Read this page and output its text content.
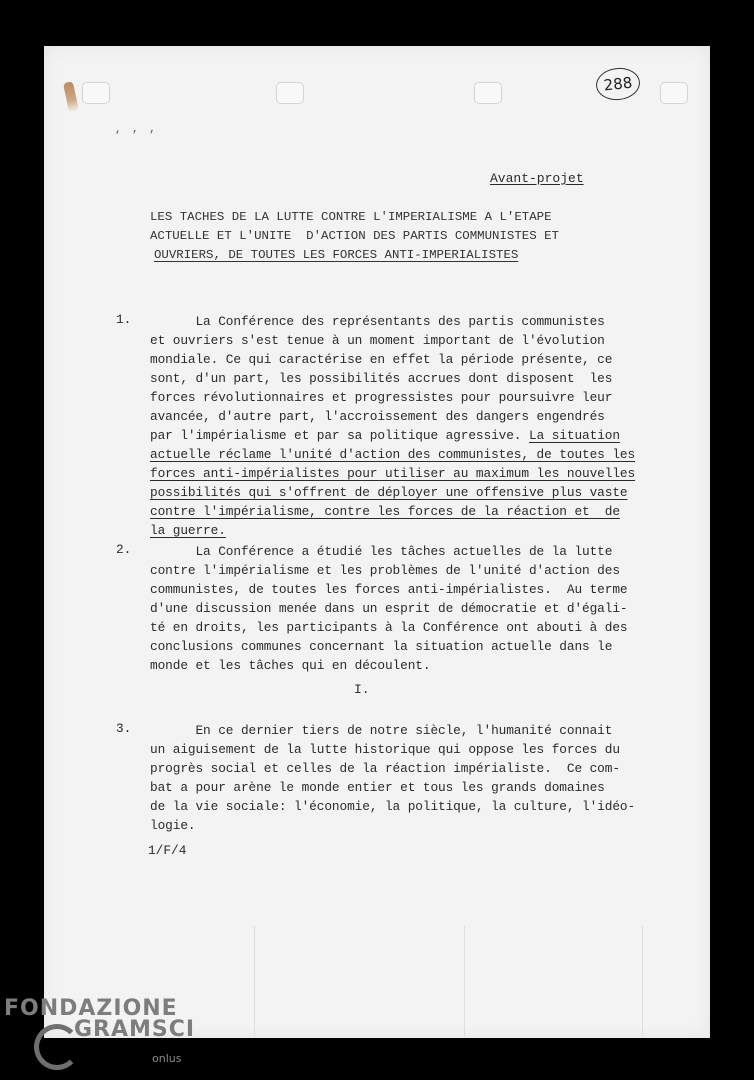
‘ ’ ’
288
Avant-projet
LES TACHES DE LA LUTTE CONTRE L'IMPERIALISME A L'ETAPE
ACTUELLE ET L'UNITE  D'ACTION DES PARTIS COMMUNISTES ET
OUVRIERS, DE TOUTES LES FORCES ANTI-IMPERIALISTES
1. La Conférence des représentants des partis communistes
et ouvriers s'est tenue à un moment important de l'évolution
mondiale. Ce qui caractérise en effet la période présente, ce
sont, d'un part, les possibilités accrues dont disposent  les
forces révolutionnaires et progressistes pour poursuivre leur
avancée, d'autre part, l'accroissement des dangers engendrés
par l'impérialisme et par sa politique agressive. La situation
actuelle réclame l'unité d'action des communistes, de toutes les
forces anti-impérialistes pour utiliser au maximum les nouvelles
possibilités qui s'offrent de déployer une offensive plus vaste
contre l'impérialisme, contre les forces de la réaction et  de
la guerre.
2. La Conférence a étudié les tâches actuelles de la lutte
contre l'impérialisme et les problèmes de l'unité d'action des
communistes, de toutes les forces anti-impérialistes.  Au terme
d'une discussion menée dans un esprit de démocratie et d'égali-
té en droits, les participants à la Conférence ont abouti à des
conclusions communes concernant la situation actuelle dans le
monde et les tâches qui en découlent.
I.
3. En ce dernier tiers de notre siècle, l'humanité connait
un aiguisement de la lutte historique qui oppose les forces du
progrès social et celles de la réaction impérialiste.  Ce com-
bat a pour arène le monde entier et tous les grands domaines
de la vie sociale: l'économie, la politique, la culture, l'idéo-
logie.
1/F/4
FONDAZIONE
GRAMSCI
onlus
